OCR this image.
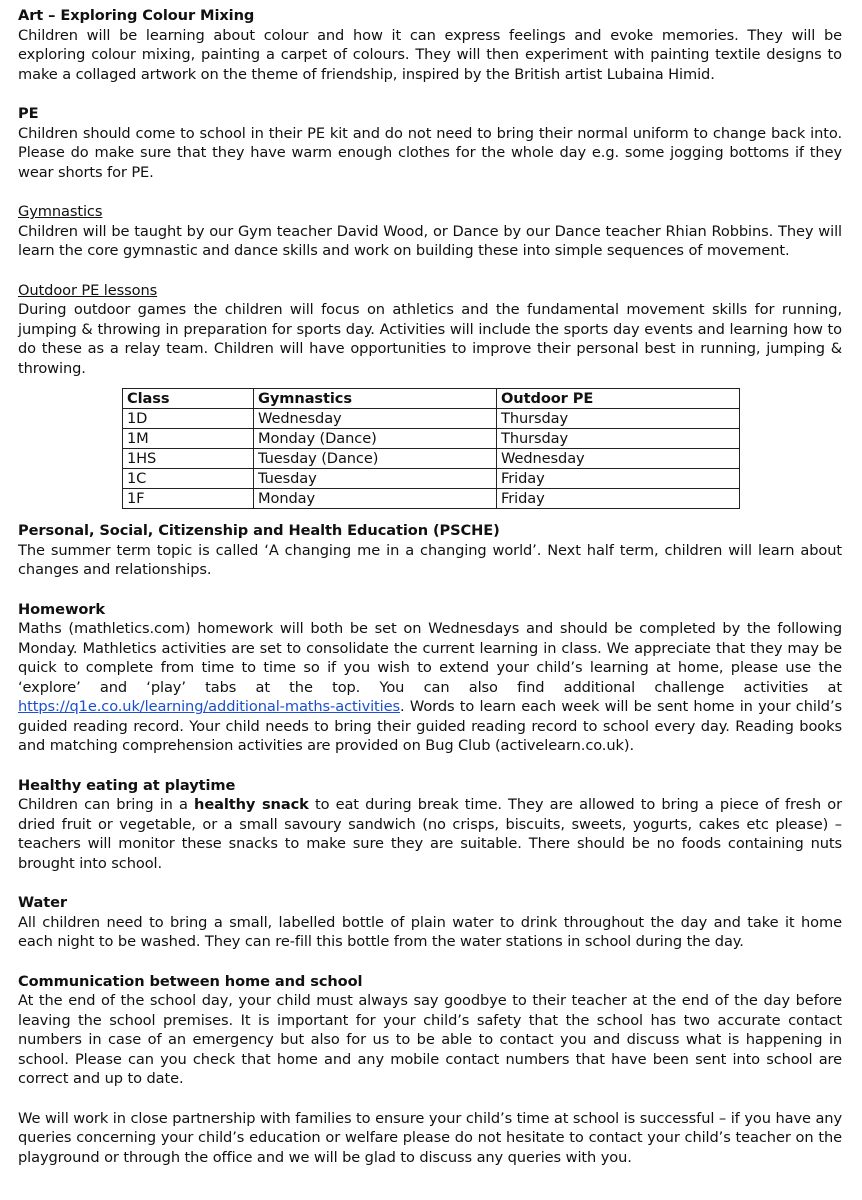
Art – Exploring Colour Mixing

Children will be learning about colour and how it can express feelings and evoke memories. They will be exploring colour mixing, painting a carpet of colours. They will then experiment with painting textile designs to make a collaged artwork on the theme of friendship, inspired by the British artist Lubaina Himid.

PE

Children should come to school in their PE kit and do not need to bring their normal uniform to change back into. Please do make sure that they have warm enough clothes for the whole day e.g. some jogging bottoms if they wear shorts for PE.

Gymnastics

Children will be taught by our Gym teacher David Wood, or Dance by our Dance teacher Rhian Robbins. They will learn the core gymnastic and dance skills and work on building these into simple sequences of movement.

Outdoor PE lessons

During outdoor games the children will focus on athletics and the fundamental movement skills for running, jumping & throwing in preparation for sports day. Activities will include the sports day events and learning how to do these as a relay team. Children will have opportunities to improve their personal best in running, jumping & throwing.

Class	Gymnastics	Outdoor PE
1D	Wednesday	Thursday
1M	Monday (Dance)	Thursday
1HS	Tuesday (Dance)	Wednesday
1C	Tuesday	Friday
1F	Monday	Friday
Personal, Social, Citizenship and Health Education (PSCHE)

The summer term topic is called ‘A changing me in a changing world’. Next half term, children will learn about changes and relationships.

Homework

Maths (mathletics.com) homework will both be set on Wednesdays and should be completed by the following Monday. Mathletics activities are set to consolidate the current learning in class. We appreciate that they may be quick to complete from time to time so if you wish to extend your child’s learning at home, please use the ‘explore’ and ‘play’ tabs at the top. You can also find additional challenge activities at https://q1e.co.uk/learning/additional-maths-activities. Words to learn each week will be sent home in your child’s guided reading record. Your child needs to bring their guided reading record to school every day. Reading books and matching comprehension activities are provided on Bug Club (activelearn.co.uk).

Healthy eating at playtime

Children can bring in a healthy snack to eat during break time. They are allowed to bring a piece of fresh or dried fruit or vegetable, or a small savoury sandwich (no crisps, biscuits, sweets, yogurts, cakes etc please) – teachers will monitor these snacks to make sure they are suitable. There should be no foods containing nuts brought into school.

Water

All children need to bring a small, labelled bottle of plain water to drink throughout the day and take it home each night to be washed. They can re-fill this bottle from the water stations in school during the day.

Communication between home and school

At the end of the school day, your child must always say goodbye to their teacher at the end of the day before leaving the school premises. It is important for your child’s safety that the school has two accurate contact numbers in case of an emergency but also for us to be able to contact you and discuss what is happening in school. Please can you check that home and any mobile contact numbers that have been sent into school are correct and up to date.

We will work in close partnership with families to ensure your child’s time at school is successful – if you have any queries concerning your child’s education or welfare please do not hesitate to contact your child’s teacher on the playground or through the office and we will be glad to discuss any queries with you.
